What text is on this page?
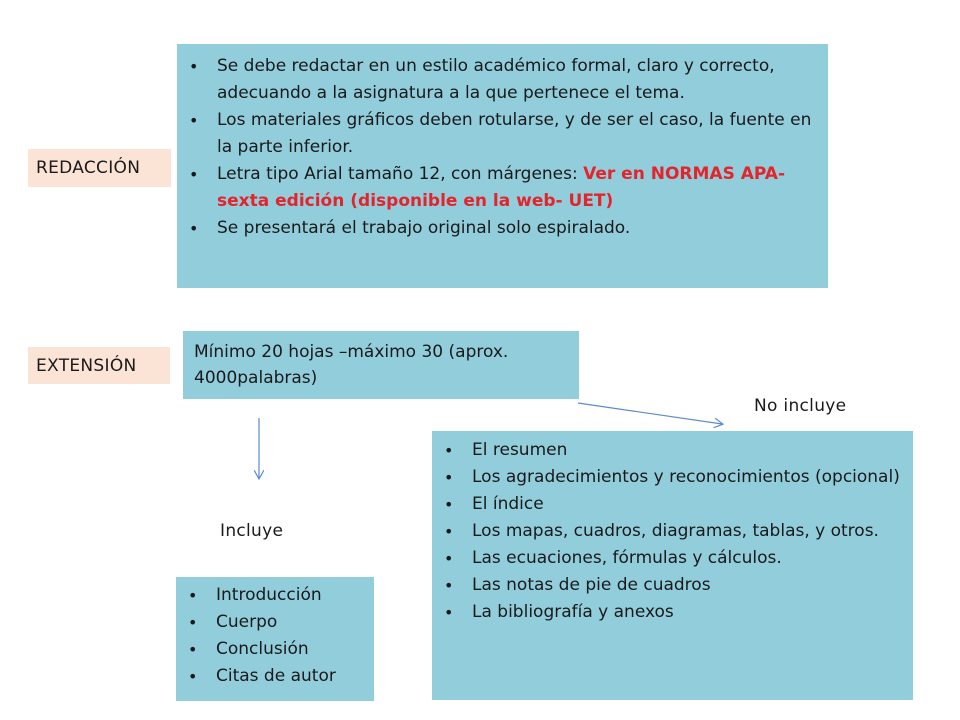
REDACCIÓN
• Se debe redactar en un estilo académico formal, claro y correcto, adecuando a la asignatura a la que pertenece el tema.
• Los materiales gráficos deben rotularse, y de ser el caso, la fuente en la parte inferior.
• Letra tipo Arial tamaño 12, con márgenes: Ver en NORMAS APA- sexta edición (disponible en la web- UET)
• Se presentará el trabajo original solo espiralado.
EXTENSIÓN
Mínimo 20 hojas –máximo 30 (aprox. 4000palabras)
No incluye
Incluye
• El resumen
• Los agradecimientos y reconocimientos (opcional)
• El índice
• Los mapas, cuadros, diagramas, tablas, y otros.
• Las ecuaciones, fórmulas y cálculos.
• Las notas de pie de cuadros
• La bibliografía y anexos
• Introducción
• Cuerpo
• Conclusión
• Citas de autor
